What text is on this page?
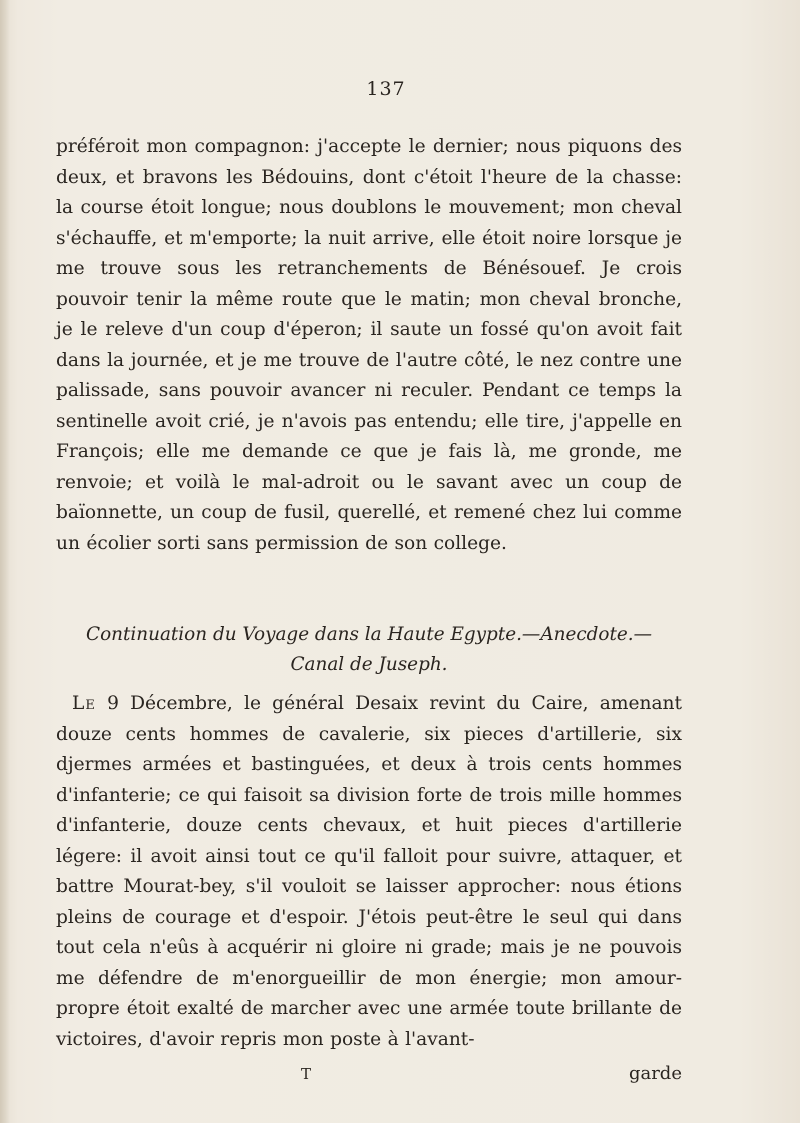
137
préféroit mon compagnon: j'accepte le dernier; nous piquons des deux, et bravons les Bédouins, dont c'étoit l'heure de la chasse: la course étoit longue; nous doublons le mouvement; mon cheval s'échauffe, et m'emporte; la nuit arrive, elle étoit noire lorsque je me trouve sous les retranchements de Bénésouef. Je crois pouvoir tenir la même route que le matin; mon cheval bronche, je le releve d'un coup d'éperon; il saute un fossé qu'on avoit fait dans la journée, et je me trouve de l'autre côté, le nez contre une palissade, sans pouvoir avancer ni reculer. Pendant ce temps la sentinelle avoit crié, je n'avois pas entendu; elle tire, j'appelle en François; elle me demande ce que je fais là, me gronde, me renvoie; et voilà le mal-adroit ou le savant avec un coup de baïonnette, un coup de fusil, querellé, et remené chez lui comme un écolier sorti sans permission de son college.
Continuation du Voyage dans la Haute Egypte.—Anecdote.—
Canal de Juseph.
Le 9 Décembre, le général Desaix revint du Caire, amenant douze cents hommes de cavalerie, six pieces d'artillerie, six djermes armées et bastinguées, et deux à trois cents hommes d'infanterie; ce qui faisoit sa division forte de trois mille hommes d'infanterie, douze cents chevaux, et huit pieces d'artillerie légere: il avoit ainsi tout ce qu'il falloit pour suivre, attaquer, et battre Mourat-bey, s'il vouloit se laisser approcher: nous étions pleins de courage et d'espoir. J'étois peut-être le seul qui dans tout cela n'eûs à acquérir ni gloire ni grade; mais je ne pouvois me défendre de m'enorgueillir de mon énergie; mon amour-propre étoit exalté de marcher avec une armée toute brillante de victoires, d'avoir repris mon poste à l'avant-
T	garde
